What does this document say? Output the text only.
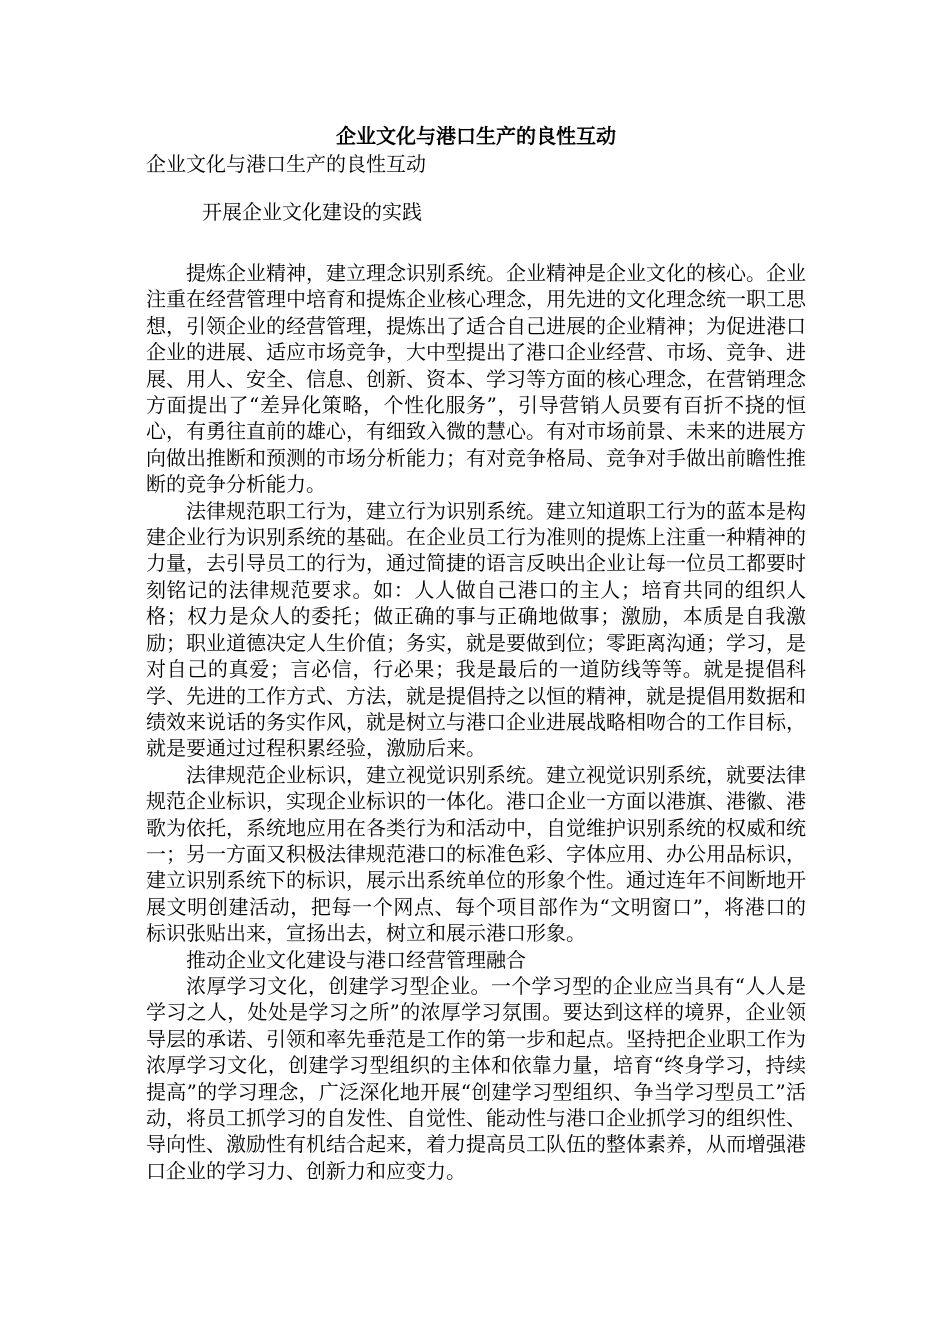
企业文化与港口生产的良性互动

企业文化与港口生产的良性互动

开展企业文化建设的实践

提炼企业精神，建立理念识别系统。企业精神是企业文化的核心。企业注重在经营管理中培育和提炼企业核心理念，用先进的文化理念统一职工思想，引领企业的经营管理，提炼出了适合自己进展的企业精神；为促进港口企业的进展、适应市场竞争，大中型提出了港口企业经营、市场、竞争、进展、用人、安全、信息、创新、资本、学习等方面的核心理念，在营销理念方面提出了“差异化策略，个性化服务”，引导营销人员要有百折不挠的恒心，有勇往直前的雄心，有细致入微的慧心。有对市场前景、未来的进展方向做出推断和预测的市场分析能力；有对竞争格局、竞争对手做出前瞻性推断的竞争分析能力。

法律规范职工行为，建立行为识别系统。建立知道职工行为的蓝本是构建企业行为识别系统的基础。在企业员工行为准则的提炼上注重一种精神的力量，去引导员工的行为，通过简捷的语言反映出企业让每一位员工都要时刻铭记的法律规范要求。如：人人做自己港口的主人；培育共同的组织人格；权力是众人的委托；做正确的事与正确地做事；激励，本质是自我激励；职业道德决定人生价值；务实，就是要做到位；零距离沟通；学习，是对自己的真爱；言必信，行必果；我是最后的一道防线等等。就是提倡科学、先进的工作方式、方法，就是提倡持之以恒的精神，就是提倡用数据和绩效来说话的务实作风，就是树立与港口企业进展战略相吻合的工作目标，就是要通过过程积累经验，激励后来。

法律规范企业标识，建立视觉识别系统。建立视觉识别系统，就要法律规范企业标识，实现企业标识的一体化。港口企业一方面以港旗、港徽、港歌为依托，系统地应用在各类行为和活动中，自觉维护识别系统的权威和统一；另一方面又积极法律规范港口的标准色彩、字体应用、办公用品标识，建立识别系统下的标识，展示出系统单位的形象个性。通过连年不间断地开展文明创建活动，把每一个网点、每个项目部作为“文明窗口”，将港口的标识张贴出来，宣扬出去，树立和展示港口形象。

推动企业文化建设与港口经营管理融合

浓厚学习文化，创建学习型企业。一个学习型的企业应当具有“人人是学习之人，处处是学习之所”的浓厚学习氛围。要达到这样的境界，企业领导层的承诺、引领和率先垂范是工作的第一步和起点。坚持把企业职工作为浓厚学习文化，创建学习型组织的主体和依靠力量，培育“终身学习，持续提高”的学习理念，广泛深化地开展“创建学习型组织、争当学习型员工”活动，将员工抓学习的自发性、自觉性、能动性与港口企业抓学习的组织性、导向性、激励性有机结合起来，着力提高员工队伍的整体素养，从而增强港口企业的学习力、创新力和应变力。
